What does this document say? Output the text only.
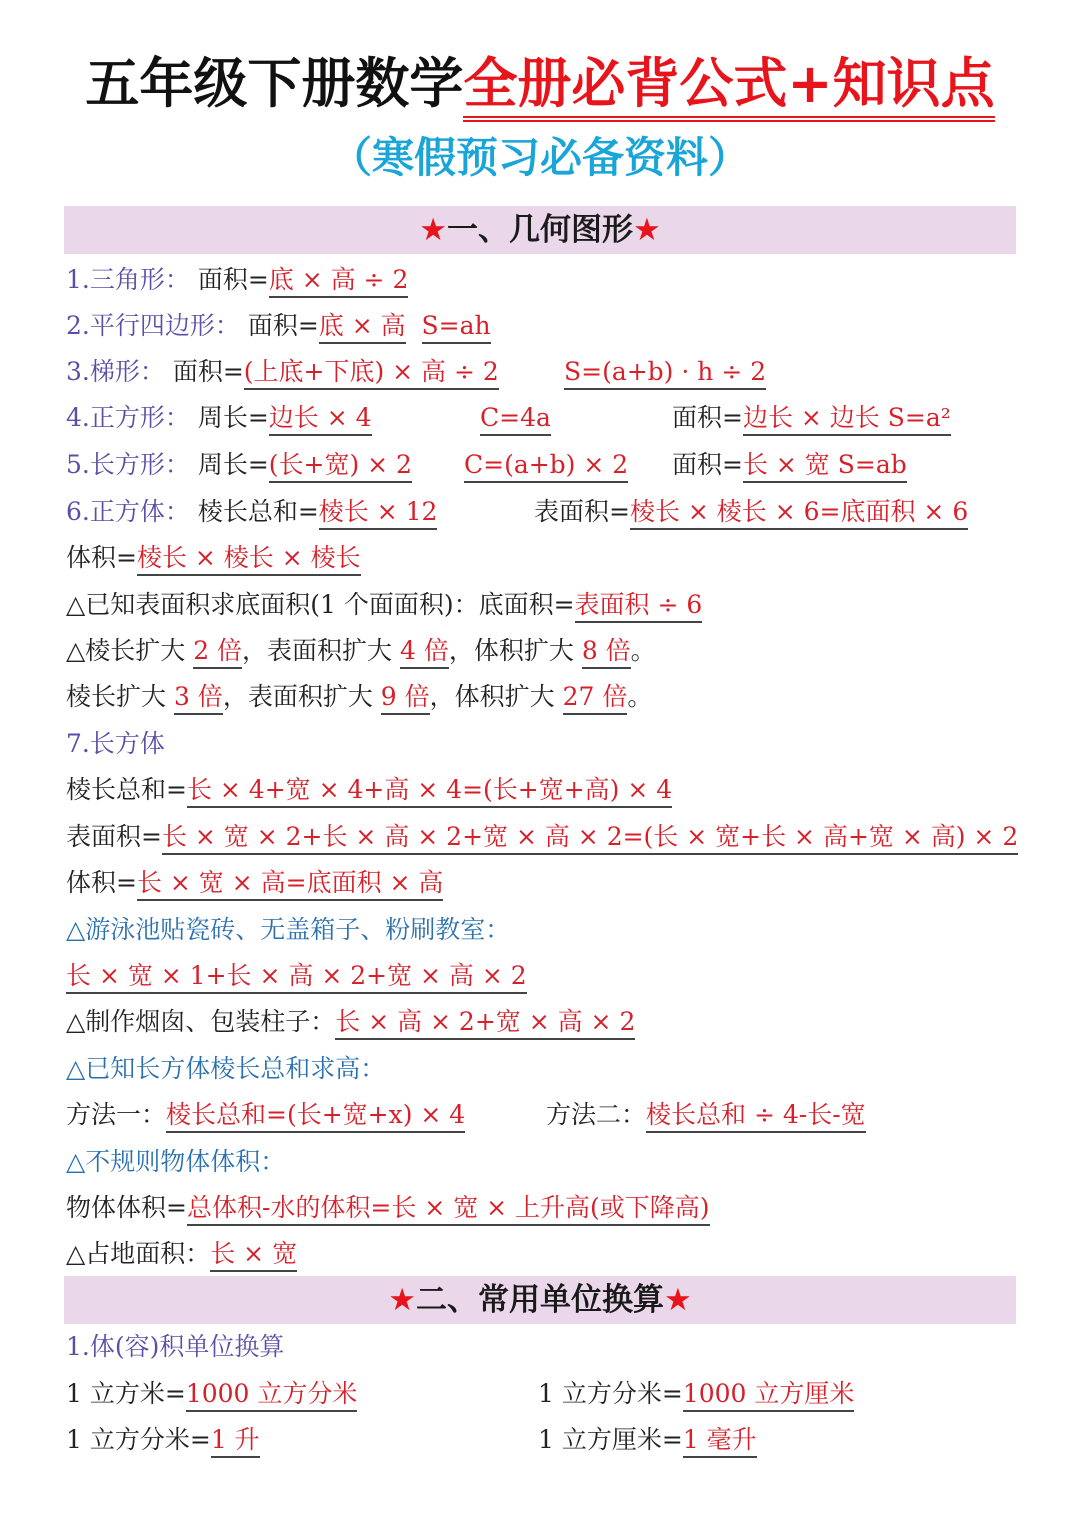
五年级下册数学全册必背公式+知识点
（寒假预习必备资料）
★一、几何图形★
1.三角形： 面积=底 × 高 ÷ 2
2.平行四边形： 面积=底 × 高 S=ah
3.梯形： 面积=(上底+下底) × 高 ÷ 2	S=(a+b) · h ÷ 2
4.正方形： 周长=边长 × 4	C=4a	面积=边长 × 边长 S=a²
5.长方形： 周长=(长+宽) × 2 C=(a+b) × 2 面积=长 × 宽 S=ab
6.正方体： 棱长总和=棱长 × 12	表面积=棱长 × 棱长 × 6=底面积 × 6
体积=棱长 × 棱长 × 棱长
△已知表面积求底面积(1 个面面积)：底面积=表面积 ÷ 6
△棱长扩大 2 倍，表面积扩大 4 倍，体积扩大 8 倍。
棱长扩大 3 倍，表面积扩大 9 倍，体积扩大 27 倍。
7.长方体
棱长总和=长 × 4+宽 × 4+高 × 4=(长+宽+高) × 4
表面积=长 × 宽 × 2+长 × 高 × 2+宽 × 高 × 2=(长 × 宽+长 × 高+宽 × 高) × 2
体积=长 × 宽 × 高=底面积 × 高
△游泳池贴瓷砖、无盖箱子、粉刷教室：
长 × 宽 × 1+长 × 高 × 2+宽 × 高 × 2
△制作烟囱、包装柱子：长 × 高 × 2+宽 × 高 × 2
△已知长方体棱长总和求高：
方法一：棱长总和=(长+宽+x) × 4	方法二：棱长总和 ÷ 4-长-宽
△不规则物体体积：
物体体积=总体积-水的体积=长 × 宽 × 上升高(或下降高)
△占地面积：长 × 宽
★二、常用单位换算★
1.体(容)积单位换算
1 立方米=1000 立方分米	1 立方分米=1000 立方厘米
1 立方分米=1 升	1 立方厘米=1 毫升
